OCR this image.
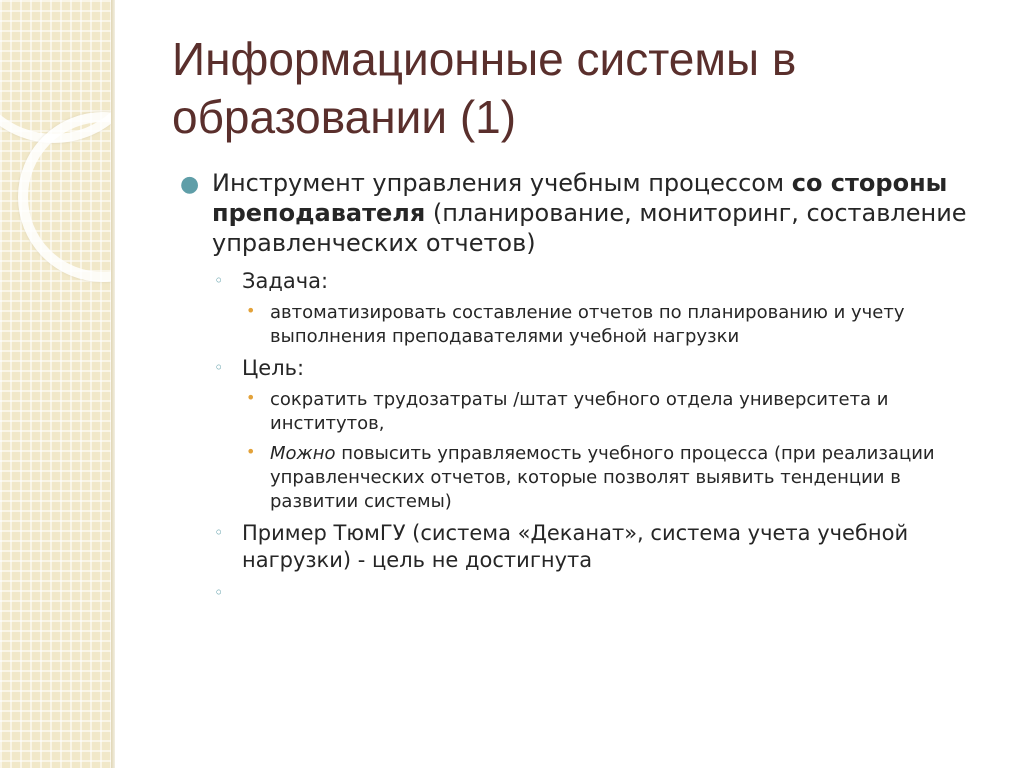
Информационные системы в образовании (1)
● Инструмент управления учебным процессом со стороны преподавателя (планирование, мониторинг, составление управленческих отчетов)
◦ Задача:
• автоматизировать составление отчетов по планированию и учету выполнения преподавателями учебной нагрузки
◦ Цель:
• сократить трудозатраты /штат учебного отдела университета и институтов,
• Можно повысить управляемость учебного процесса (при реализации управленческих отчетов, которые позволят выявить тенденции в развитии системы)
◦ Пример ТюмГУ (система «Деканат», система учета учебной нагрузки) - цель не достигнута
◦
